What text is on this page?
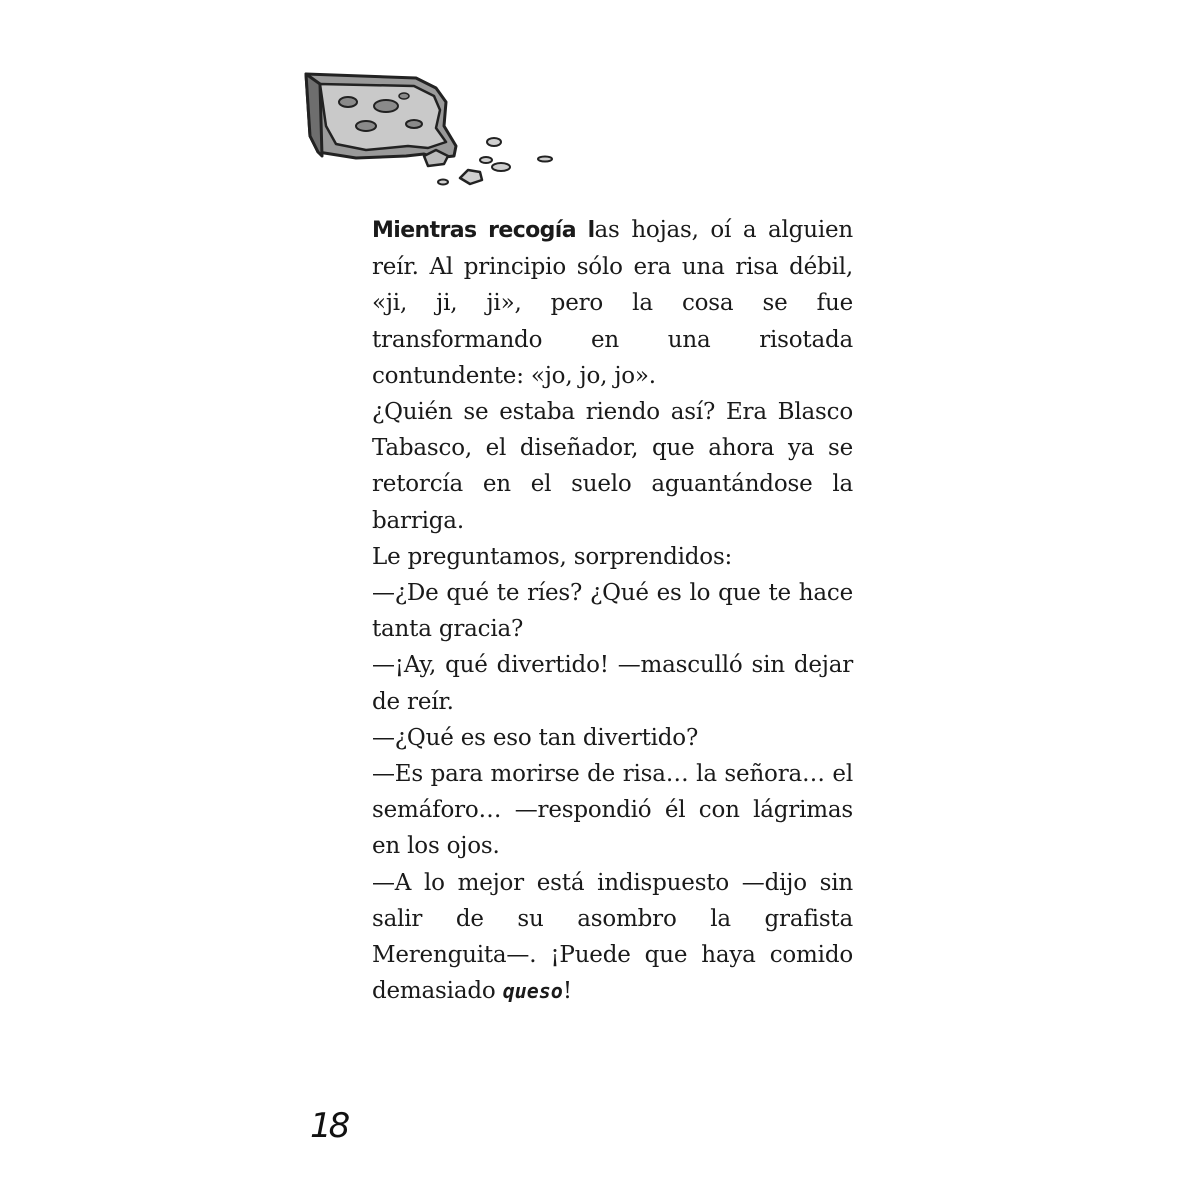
Mientras recogía las hojas, oí a alguien reír. Al principio sólo era una risa débil, «ji, ji, ji», pero la cosa se fue transformando en una risotada contundente: «jo, jo, jo».

¿Quién se estaba riendo así? Era Blasco Tabasco, el diseñador, que ahora ya se retorcía en el suelo aguantándose la barriga.

Le preguntamos, sorprendidos:

—¿De qué te ríes? ¿Qué es lo que te hace tanta gracia?

—¡Ay, qué divertido! —masculló sin dejar de reír.

—¿Qué es eso tan divertido?

—Es para morirse de risa… la señora… el semáforo… —respondió él con lágrimas en los ojos.

—A lo mejor está indispuesto —dijo sin salir de su asombro la grafista Merenguita—. ¡Puede que haya comido demasiado queso!

18
